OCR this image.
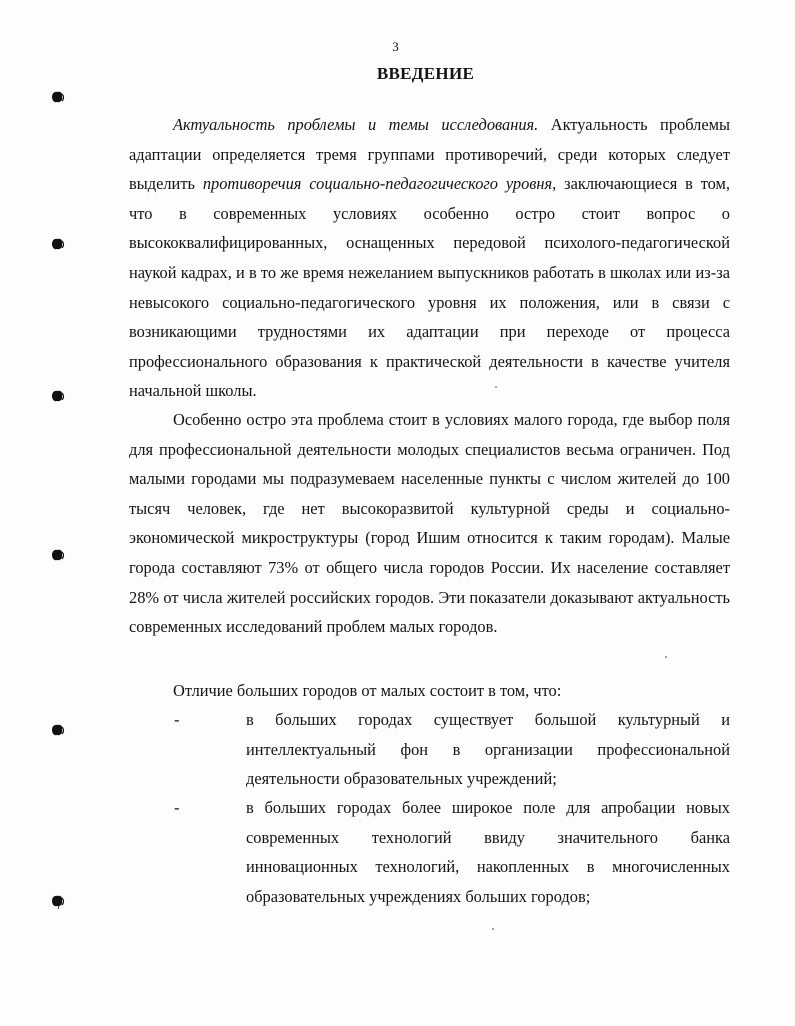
3
ВВЕДЕНИЕ

Актуальность проблемы и темы исследования. Актуальность проблемы адаптации определяется тремя группами противоречий, среди которых следует выделить противоречия социально-педагогического уровня, заключающиеся в том, что в современных условиях особенно остро стоит вопрос о высококвалифицированных, оснащенных передовой психолого-педагогической наукой кадрах, и в то же время нежеланием выпускников работать в школах или из-за невысокого социально-педагогического уровня их положения, или в связи с возникающими трудностями их адаптации при переходе от процесса профессионального образования к практической деятельности в качестве учителя начальной школы.

Особенно остро эта проблема стоит в условиях малого города, где выбор поля для профессиональной деятельности молодых специалистов весьма ограничен. Под малыми городами мы подразумеваем населенные пункты с числом жителей до 100 тысяч человек, где нет высокоразвитой культурной среды и социально-экономической микроструктуры (город Ишим относится к таким городам). Малые города составляют 73% от общего числа городов России. Их население составляет 28% от числа жителей российских городов. Эти показатели доказывают актуальность современных исследований проблем малых городов.

Отличие больших городов от малых состоит в том, что:

-	в больших городах существует большой культурный и интеллектуальный фон в организации профессиональной деятельности образовательных учреждений;
-	в больших городах более широкое поле для апробации новых современных технологий ввиду значительного банка инновационных технологий, накопленных в многочисленных образовательных учреждениях больших городов;
